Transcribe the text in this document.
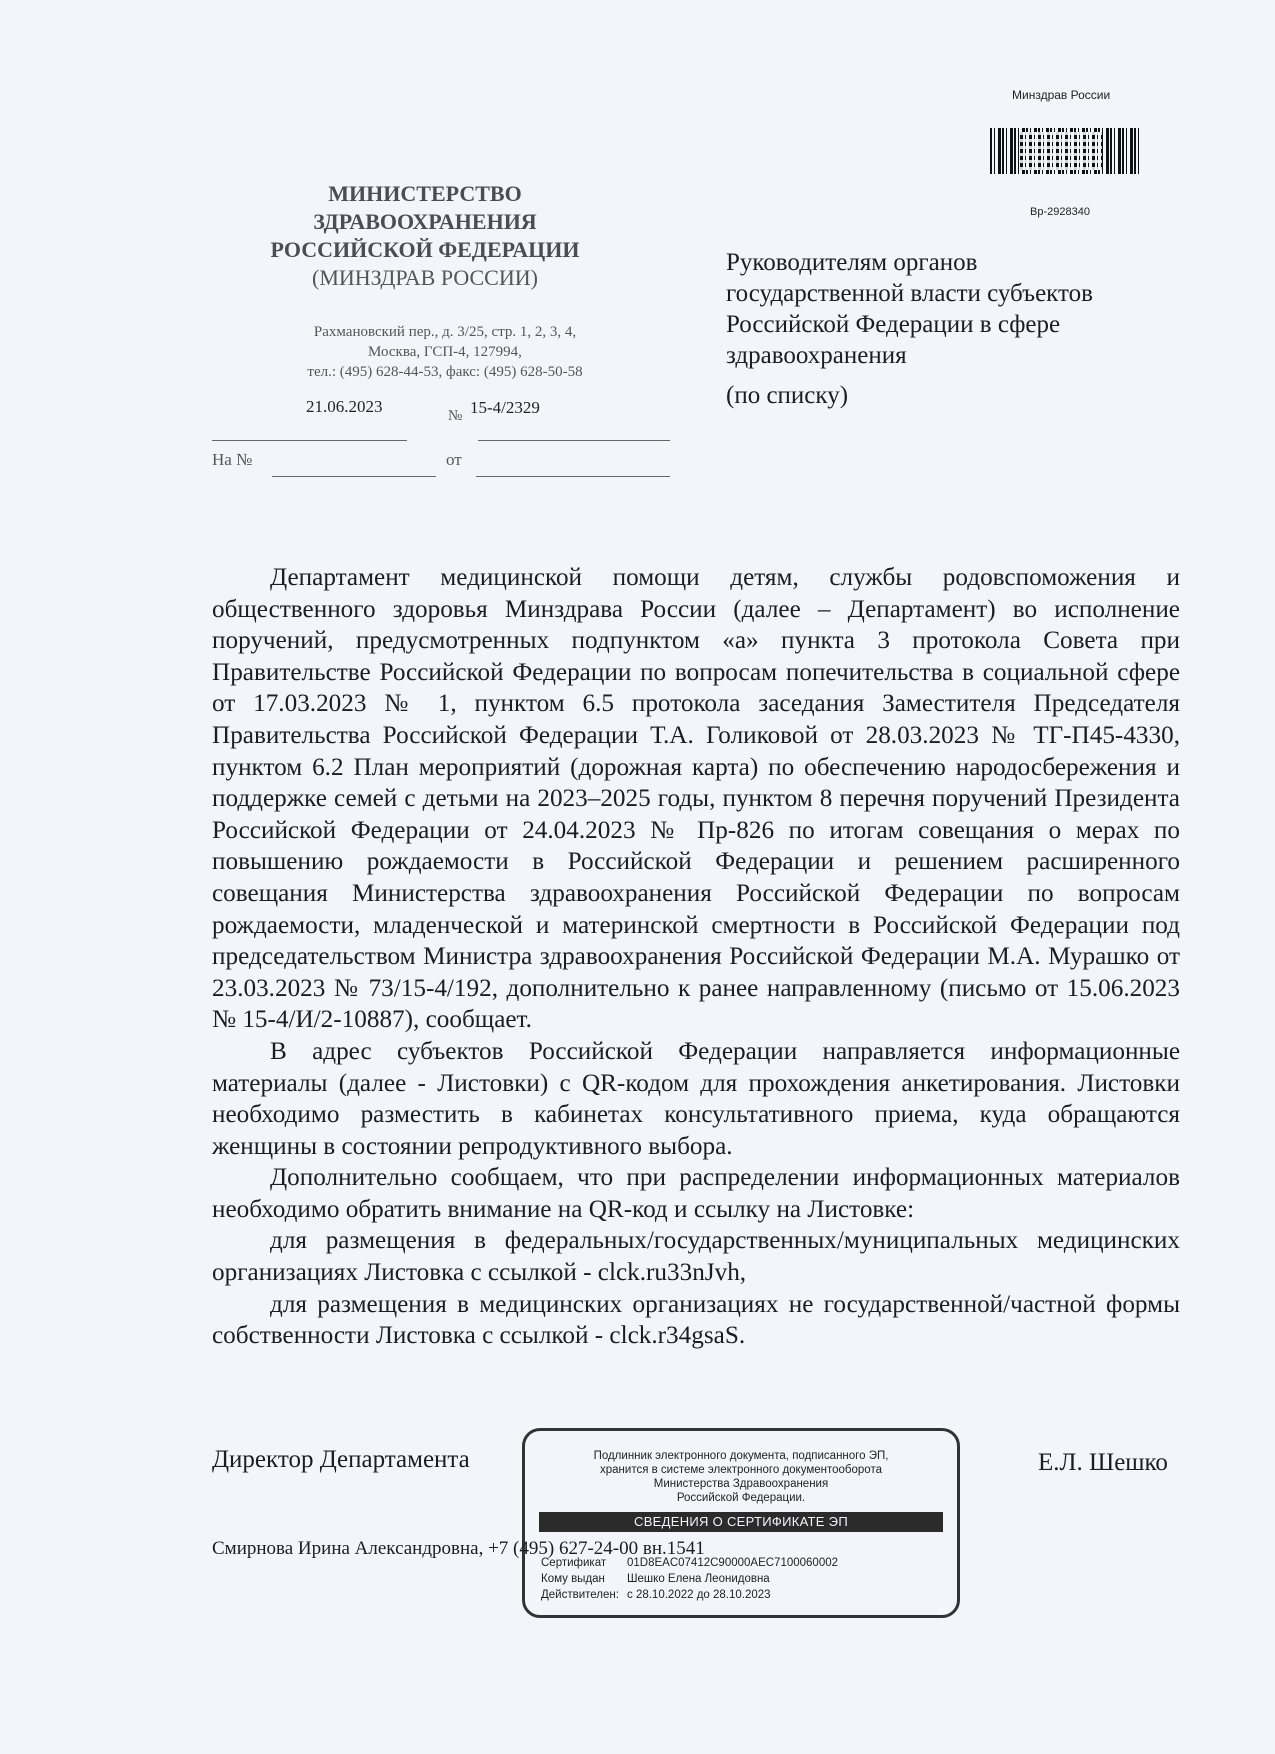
Минздрав России
Вр-2928340
МИНИСТЕРСТВО
ЗДРАВООХРАНЕНИЯ
РОССИЙСКОЙ ФЕДЕРАЦИИ
(МИНЗДРАВ РОССИИ)
Рахмановский пер., д. 3/25, стр. 1, 2, 3, 4,
Москва, ГСП-4, 127994,
тел.: (495) 628-44-53, факс: (495) 628-50-58
21.06.2023	№ 15-4/2329
На №	от
Руководителям органов
государственной власти субъектов
Российской Федерации в сфере
здравоохранения
(по списку)

Департамент медицинской помощи детям, службы родовспоможения и общественного здоровья Минздрава России (далее – Департамент) во исполнение поручений, предусмотренных подпунктом «а» пункта 3 протокола Совета при Правительстве Российской Федерации по вопросам попечительства в социальной сфере от 17.03.2023 № 1, пунктом 6.5 протокола заседания Заместителя Председателя Правительства Российской Федерации Т.А. Голиковой от 28.03.2023 № ТГ-П45-4330, пунктом 6.2 План мероприятий (дорожная карта) по обеспечению народосбережения и поддержке семей с детьми на 2023–2025 годы, пунктом 8 перечня поручений Президента Российской Федерации от 24.04.2023 № Пр-826 по итогам совещания о мерах по повышению рождаемости в Российской Федерации и решением расширенного совещания Министерства здравоохранения Российской Федерации по вопросам рождаемости, младенческой и материнской смертности в Российской Федерации под председательством Министра здравоохранения Российской Федерации М.А. Мурашко от 23.03.2023 № 73/15-4/192, дополнительно к ранее направленному (письмо от 15.06.2023 № 15-4/И/2-10887), сообщает.

В адрес субъектов Российской Федерации направляется информационные материалы (далее - Листовки) с QR-кодом для прохождения анкетирования. Листовки необходимо разместить в кабинетах консультативного приема, куда обращаются женщины в состоянии репродуктивного выбора.

Дополнительно сообщаем, что при распределении информационных материалов необходимо обратить внимание на QR-код и ссылку на Листовке:

для размещения в федеральных/государственных/муниципальных медицинских организациях Листовка с ссылкой - clck.ru33nJvh,

для размещения в медицинских организациях не государственной/частной формы собственности Листовка с ссылкой - clck.r34gsaS.

Директор Департамента	Е.Л. Шешко
Подлинник электронного документа, подписанного ЭП,
хранится в системе электронного документооборота
Министерства Здравоохранения
Российской Федерации.
СВЕДЕНИЯ О СЕРТИФИКАТЕ ЭП
Сертификат 01D8EAC07412C90000AEC7100060002
Кому выдан Шешко Елена Леонидовна
Действителен: с 28.10.2022 до 28.10.2023
Смирнова Ирина Александровна, +7 (495) 627-24-00 вн.1541
